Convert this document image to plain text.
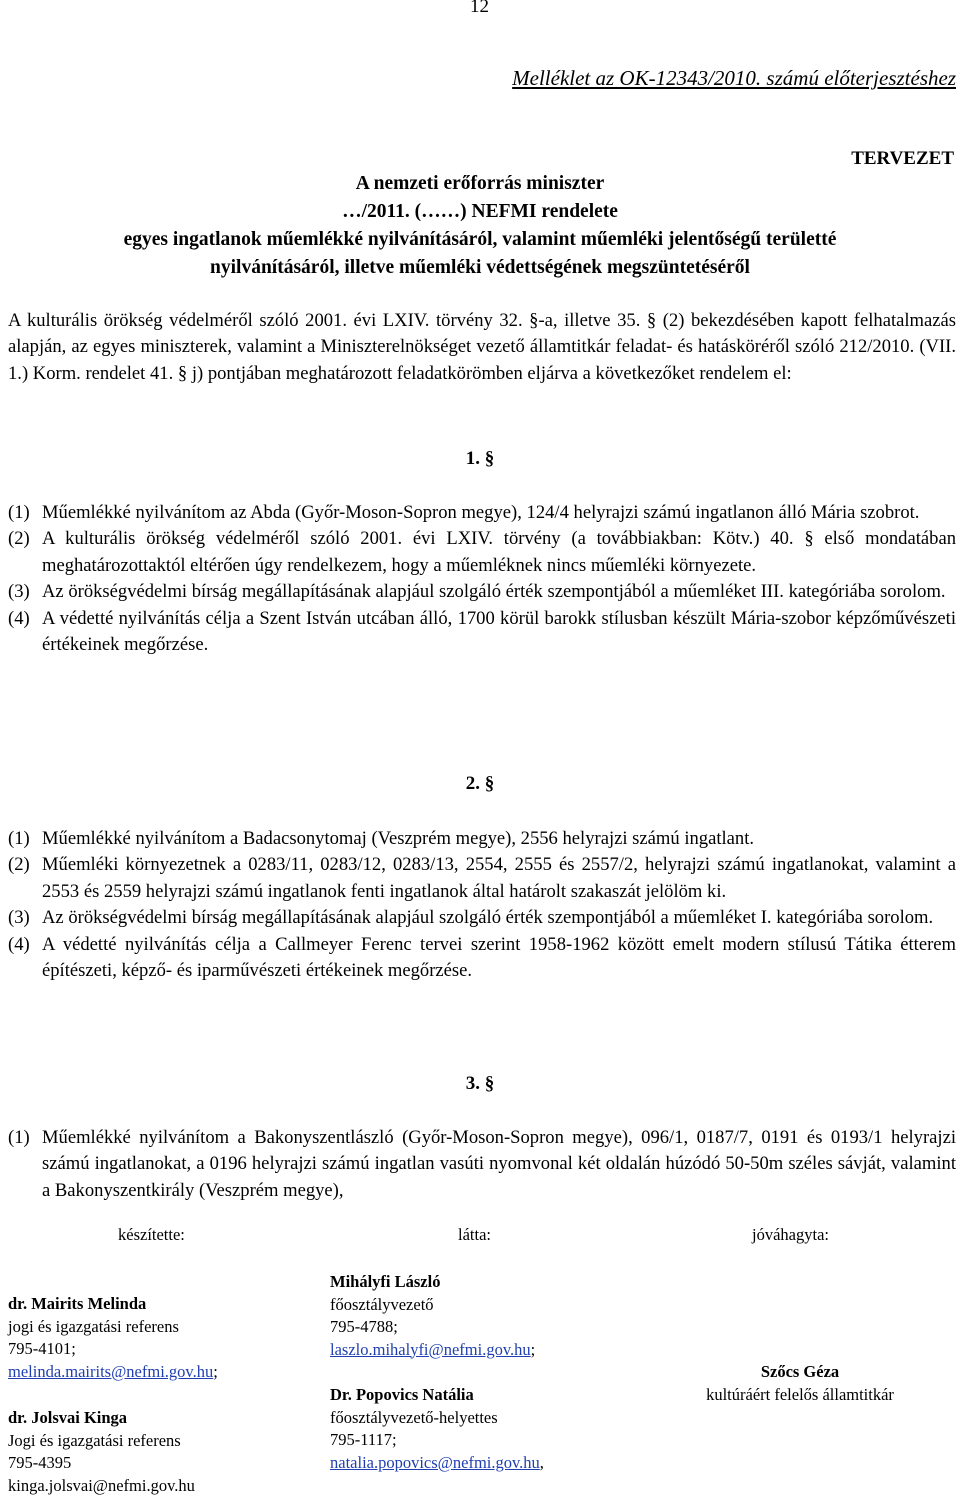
12
Melléklet az OK-12343/2010. számú előterjesztéshez
TERVEZET
A nemzeti erőforrás miniszter
…/2011. (……) NEFMI rendelete
egyes ingatlanok műemlékké nyilvánításáról, valamint műemléki jelentőségű területté
nyilvánításáról, illetve műemléki védettségének megszüntetéséről
A kulturális örökség védelméről szóló 2001. évi LXIV. törvény 32. §-a, illetve 35. § (2) bekezdésében kapott felhatalmazás alapján, az egyes miniszterek, valamint a Miniszterelnökséget vezető államtitkár feladat- és hatásköréről szóló 212/2010. (VII. 1.) Korm. rendelet 41. § j) pontjában meghatározott feladatkörömben eljárva a következőket rendelem el:
1. §
(1) Műemlékké nyilvánítom az Abda (Győr-Moson-Sopron megye), 124/4 helyrajzi számú ingatlanon álló Mária szobrot.
(2) A kulturális örökség védelméről szóló 2001. évi LXIV. törvény (a továbbiakban: Kötv.) 40. § első mondatában meghatározottaktól eltérően úgy rendelkezem, hogy a műemléknek nincs műemléki környezete.
(3) Az örökségvédelmi bírság megállapításának alapjául szolgáló érték szempontjából a műemléket III. kategóriába sorolom.
(4) A védetté nyilvánítás célja a Szent István utcában álló, 1700 körül barokk stílusban készült Mária-szobor képzőművészeti értékeinek megőrzése.
2. §
(1) Műemlékké nyilvánítom a Badacsonytomaj (Veszprém megye), 2556 helyrajzi számú ingatlant.
(2) Műemléki környezetnek a 0283/11, 0283/12, 0283/13, 2554, 2555 és 2557/2, helyrajzi számú ingatlanokat, valamint a 2553 és 2559 helyrajzi számú ingatlanok fenti ingatlanok által határolt szakaszát jelölöm ki.
(3) Az örökségvédelmi bírság megállapításának alapjául szolgáló érték szempontjából a műemléket I. kategóriába sorolom.
(4) A védetté nyilvánítás célja a Callmeyer Ferenc tervei szerint 1958-1962 között emelt modern stílusú Tátika étterem építészeti, képző- és iparművészeti értékeinek megőrzése.
3. §
(1) Műemlékké nyilvánítom a Bakonyszentlászló (Győr-Moson-Sopron megye), 096/1, 0187/7, 0191 és 0193/1 helyrajzi számú ingatlanokat, a 0196 helyrajzi számú ingatlan vasúti nyomvonal két oldalán húzódó 50-50m széles sávját, valamint a Bakonyszentkirály (Veszprém megye),
készítette:	látta:	jóváhagyta:
dr. Mairits Melinda
jogi és igazgatási referens
795-4101;
melinda.mairits@nefmi.gov.hu;
dr. Jolsvai Kinga
Jogi és igazgatási referens
795-4395
kinga.jolsvai@nefmi.gov.hu
Mihályfi László
főosztályvezető
795-4788;
laszlo.mihalyfi@nefmi.gov.hu;
Dr. Popovics Natália
főosztályvezető-helyettes
795-1117;
natalia.popovics@nefmi.gov.hu,
Szőcs Géza
kultúráért felelős államtitkár
